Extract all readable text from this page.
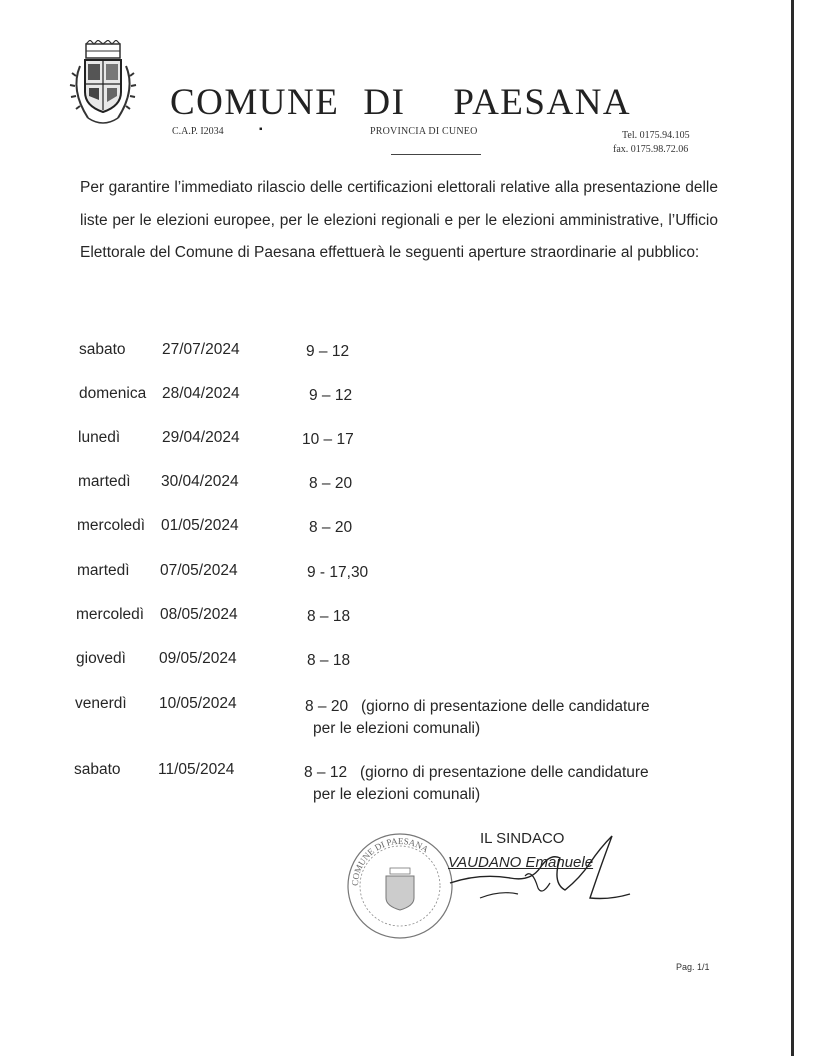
COMUNE DI PAESANA
C.A.P. I2034	▪	PROVINCIA DI CUNEO	Tel. 0175.94.105
fax. 0175.98.72.06
Per garantire l’immediato rilascio delle certificazioni elettorali relative alla presentazione delle liste per le elezioni europee, per le elezioni regionali e per le elezioni amministrative, l’Ufficio Elettorale del Comune di Paesana effettuerà le seguenti aperture straordinarie al pubblico:
sabato 27/07/2024	9 – 12
domenica 28/04/2024	9 – 12
lunedì	29/04/2024	10 – 17
martedì 30/04/2024	8 – 20
mercoledì 01/05/2024	8 – 20
martedì 07/05/2024	9 - 17,30
mercoledì 08/05/2024	8 – 18
giovedì 09/05/2024	8 – 18
venerdì 10/05/2024	8 – 20 (giorno di presentazione delle candidature
per le elezioni comunali)
sabato 11/05/2024	8 – 12 (giorno di presentazione delle candidature
per le elezioni comunali)
COMUNE DI PAESANA
IL SINDACO
VAUDANO Emanuele
Pag. 1/1
